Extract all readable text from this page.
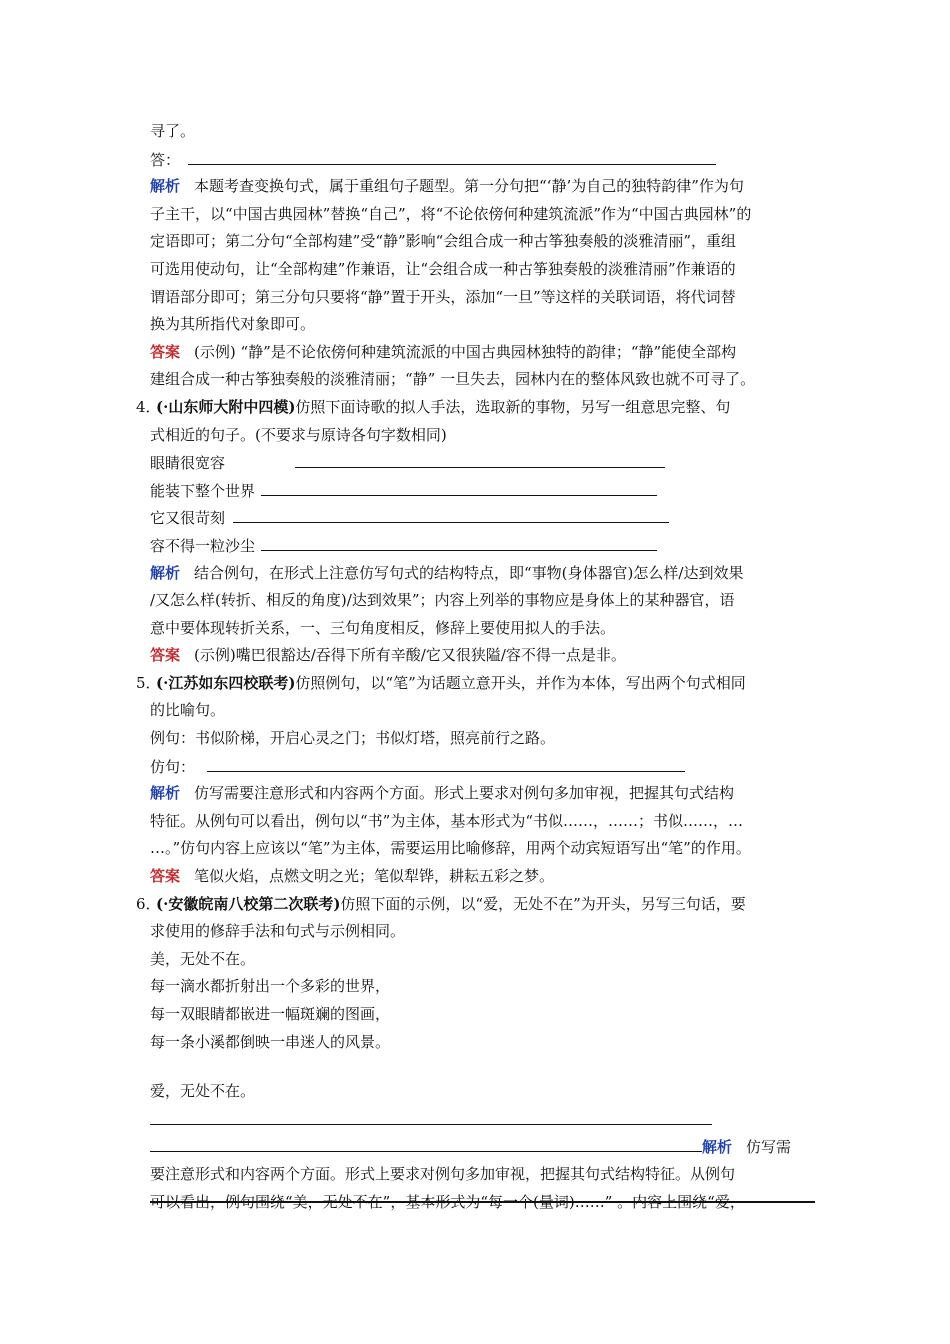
寻了。
答：
解析 本题考查变换句式，属于重组句子题型。第一分句把“‘静’为自己的独特韵律”作为句
子主干，以“中国古典园林”替换“自己”，将“不论依傍何种建筑流派”作为“中国古典园林”的
定语即可；第二分句“全部构建”受“静”影响“会组合成一种古筝独奏般的淡雅清丽”，重组
可选用使动句，让“全部构建”作兼语，让“会组合成一种古筝独奏般的淡雅清丽”作兼语的
谓语部分即可；第三分句只要将“静”置于开头，添加“一旦”等这样的关联词语，将代词替
换为其所指代对象即可。
答案 (示例) “静”是不论依傍何种建筑流派的中国古典园林独特的韵律；“静”能使全部构
建组合成一种古筝独奏般的淡雅清丽；“静” 一旦失去，园林内在的整体风致也就不可寻了。
4．
(·山东师大附中四模)仿照下面诗歌的拟人手法，选取新的事物，另写一组意思完整、句
式相近的句子。(不要求与原诗各句字数相同)
眼睛很宽容
能装下整个世界
它又很苛刻
容不得一粒沙尘
解析 结合例句，在形式上注意仿写句式的结构特点，即“事物(身体器官)怎么样/达到效果
/又怎么样(转折、相反的角度)/达到效果”；内容上列举的事物应是身体上的某种器官，语
意中要体现转折关系，一、三句角度相反，修辞上要使用拟人的手法。
答案 (示例)嘴巴很豁达/吞得下所有辛酸/它又很狭隘/容不得一点是非。
5．
(·江苏如东四校联考)仿照例句，以“笔”为话题立意开头，并作为本体，写出两个句式相同
的比喻句。
例句：书似阶梯，开启心灵之门；书似灯塔，照亮前行之路。
仿句：
解析 仿写需要注意形式和内容两个方面。形式上要求对例句多加审视，把握其句式结构
特征。从例句可以看出，例句以“书”为主体，基本形式为“书似……，……；书似……，…
…。”仿句内容上应该以“笔”为主体，需要运用比喻修辞，用两个动宾短语写出“笔”的作用。
答案 笔似火焰，点燃文明之光；笔似犁铧，耕耘五彩之梦。
6．
(·安徽皖南八校第二次联考)仿照下面的示例，以“爱，无处不在”为开头，另写三句话，要
求使用的修辞手法和句式与示例相同。
美，无处不在。
每一滴水都折射出一个多彩的世界，
每一双眼睛都嵌进一幅斑斓的图画，
每一条小溪都倒映一串迷人的风景。
爱，无处不在。
解析 仿写需
要注意形式和内容两个方面。形式上要求对例句多加审视，把握其句式结构特征。从例句
可以看出，例句围绕“美，无处不在”，基本形式为“每一个(量词)……” 。内容上围绕“爱，
